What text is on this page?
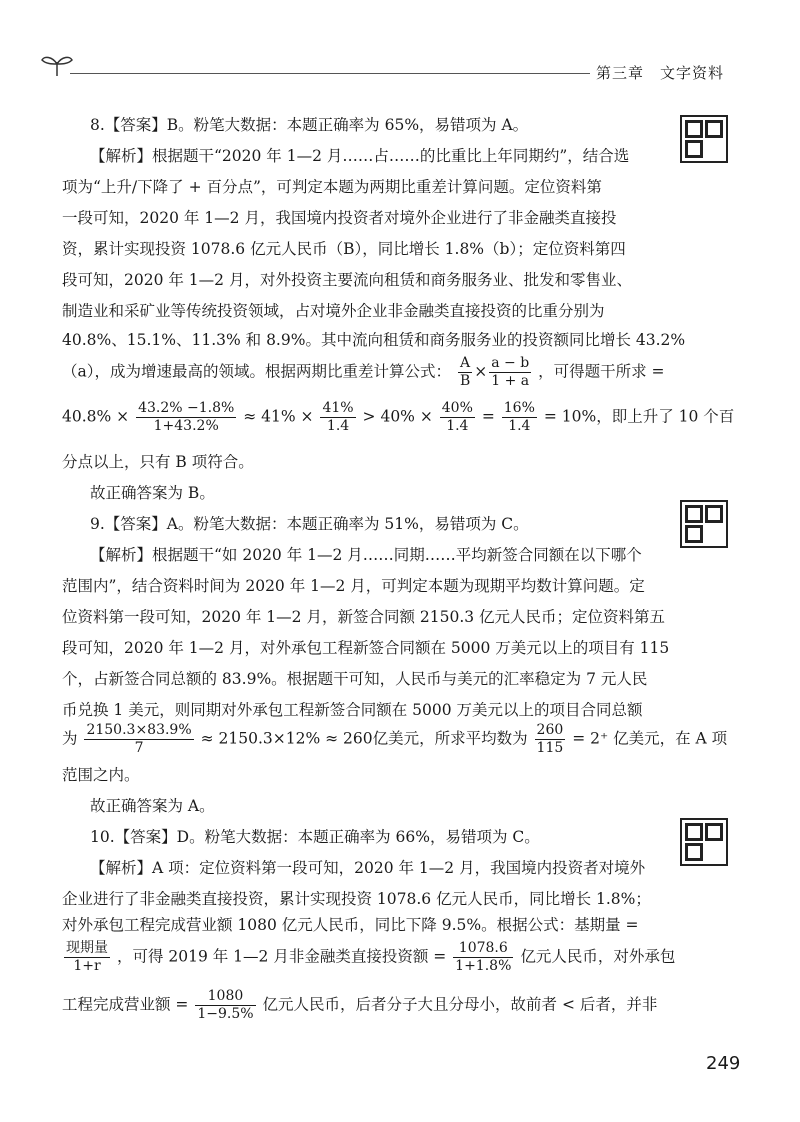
第三章　文字资料
8.【答案】B。粉笔大数据：本题正确率为 65%，易错项为 A。
【解析】根据题干“2020 年 1—2 月……占……的比重比上年同期约”，结合选
项为“上升/下降了 + 百分点”，可判定本题为两期比重差计算问题。定位资料第
一段可知，2020 年 1—2 月，我国境内投资者对境外企业进行了非金融类直接投
资，累计实现投资 1078.6 亿元人民币（B），同比增长 1.8%（b）；定位资料第四
段可知，2020 年 1—2 月，对外投资主要流向租赁和商务服务业、批发和零售业、
制造业和采矿业等传统投资领域，占对境外企业非金融类直接投资的比重分别为
40.8%、15.1%、11.3% 和 8.9%。其中流向租赁和商务服务业的投资额同比增长 43.2%
（a），成为增速最高的领域。根据两期比重差计算公式： $\frac{A}{B} \times \frac{a - b}{1 + a}$ ，可得题干所求 =
$40.8\% \times \frac{43.2\% -1.8\%}{1+43.2\%} \approx 41\% \times \frac{41\%}{1.4} > 40\% \times \frac{40\%}{1.4} = \frac{16\%}{1.4} = 10\%$，即上升了 10 个百
分点以上，只有 B 项符合。
故正确答案为 B。
9.【答案】A。粉笔大数据：本题正确率为 51%，易错项为 C。
【解析】根据题干“如 2020 年 1—2 月……同期……平均新签合同额在以下哪个
范围内”，结合资料时间为 2020 年 1—2 月，可判定本题为现期平均数计算问题。定
位资料第一段可知，2020 年 1—2 月，新签合同额 2150.3 亿元人民币；定位资料第五
段可知，2020 年 1—2 月，对外承包工程新签合同额在 5000 万美元以上的项目有 115
个，占新签合同总额的 83.9%。根据题干可知，人民币与美元的汇率稳定为 7 元人民
币兑换 1 美元，则同期对外承包工程新签合同额在 5000 万美元以上的项目合同总额
为 $\frac{2150.3\times 83.9\%}{7} \approx 2150.3\times 12\% \approx 260$亿美元，所求平均数为 $\frac{260}{115} = 2^+$ 亿美元，在 A 项
范围之内。
故正确答案为 A。
10.【答案】D。粉笔大数据：本题正确率为 66%，易错项为 C。
【解析】A 项：定位资料第一段可知，2020 年 1—2 月，我国境内投资者对境外
企业进行了非金融类直接投资，累计实现投资 1078.6 亿元人民币，同比增长 1.8%；
对外承包工程完成营业额 1080 亿元人民币，同比下降 9.5%。根据公式：基期量 =
$\frac{\text{现期量}}{1+r}$ ，可得 2019 年 1—2 月非金融类直接投资额 = $\frac{1078.6}{1+1.8\%}$ 亿元人民币，对外承包
工程完成营业额 = $\frac{1080}{1-9.5\%}$ 亿元人民币，后者分子大且分母小，故前者 < 后者，并非
249
